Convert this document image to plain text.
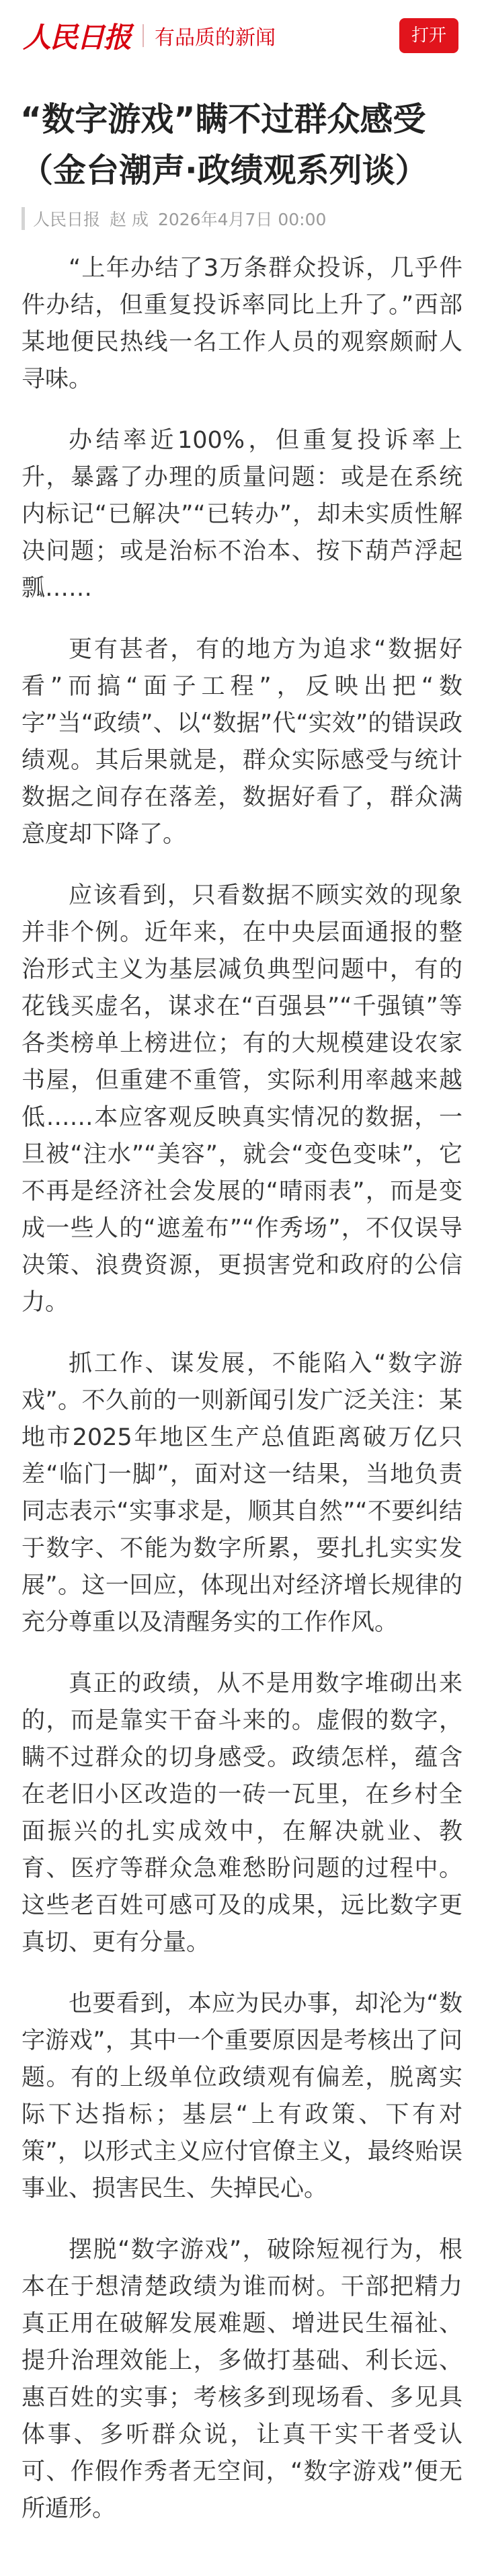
人民日报 有品质的新闻	打开
“数字游戏”瞒不过群众感受（金台潮声·政绩观系列谈）
人民日报 赵 成 2026年4月7日 00:00

“上年办结了3万条群众投诉，几乎件件办结，但重复投诉率同比上升了。”西部某地便民热线一名工作人员的观察颇耐人寻味。

办结率近100%，但重复投诉率上升，暴露了办理的质量问题：或是在系统内标记“已解决”“已转办”，却未实质性解决问题；或是治标不治本、按下葫芦浮起瓢……

更有甚者，有的地方为追求“数据好看”而搞“面子工程”，反映出把“数字”当“政绩”、以“数据”代“实效”的错误政绩观。其后果就是，群众实际感受与统计数据之间存在落差，数据好看了，群众满意度却下降了。

应该看到，只看数据不顾实效的现象并非个例。近年来，在中央层面通报的整治形式主义为基层减负典型问题中，有的花钱买虚名，谋求在“百强县”“千强镇”等各类榜单上榜进位；有的大规模建设农家书屋，但重建不重管，实际利用率越来越低……本应客观反映真实情况的数据，一旦被“注水”“美容”，就会“变色变味”，它不再是经济社会发展的“晴雨表”，而是变成一些人的“遮羞布”“作秀场”，不仅误导决策、浪费资源，更损害党和政府的公信力。

抓工作、谋发展，不能陷入“数字游戏”。不久前的一则新闻引发广泛关注：某地市2025年地区生产总值距离破万亿只差“临门一脚”，面对这一结果，当地负责同志表示“实事求是，顺其自然”“不要纠结于数字、不能为数字所累，要扎扎实实发展”。这一回应，体现出对经济增长规律的充分尊重以及清醒务实的工作作风。

真正的政绩，从不是用数字堆砌出来的，而是靠实干奋斗来的。虚假的数字，瞒不过群众的切身感受。政绩怎样，蕴含在老旧小区改造的一砖一瓦里，在乡村全面振兴的扎实成效中，在解决就业、教育、医疗等群众急难愁盼问题的过程中。这些老百姓可感可及的成果，远比数字更真切、更有分量。

也要看到，本应为民办事，却沦为“数字游戏”，其中一个重要原因是考核出了问题。有的上级单位政绩观有偏差，脱离实际下达指标；基层“上有政策、下有对策”，以形式主义应付官僚主义，最终贻误事业、损害民生、失掉民心。

摆脱“数字游戏”，破除短视行为，根本在于想清楚政绩为谁而树。干部把精力真正用在破解发展难题、增进民生福祉、提升治理效能上，多做打基础、利长远、惠百姓的实事；考核多到现场看、多见具体事、多听群众说，让真干实干者受认可、作假作秀者无空间，“数字游戏”便无所遁形。
